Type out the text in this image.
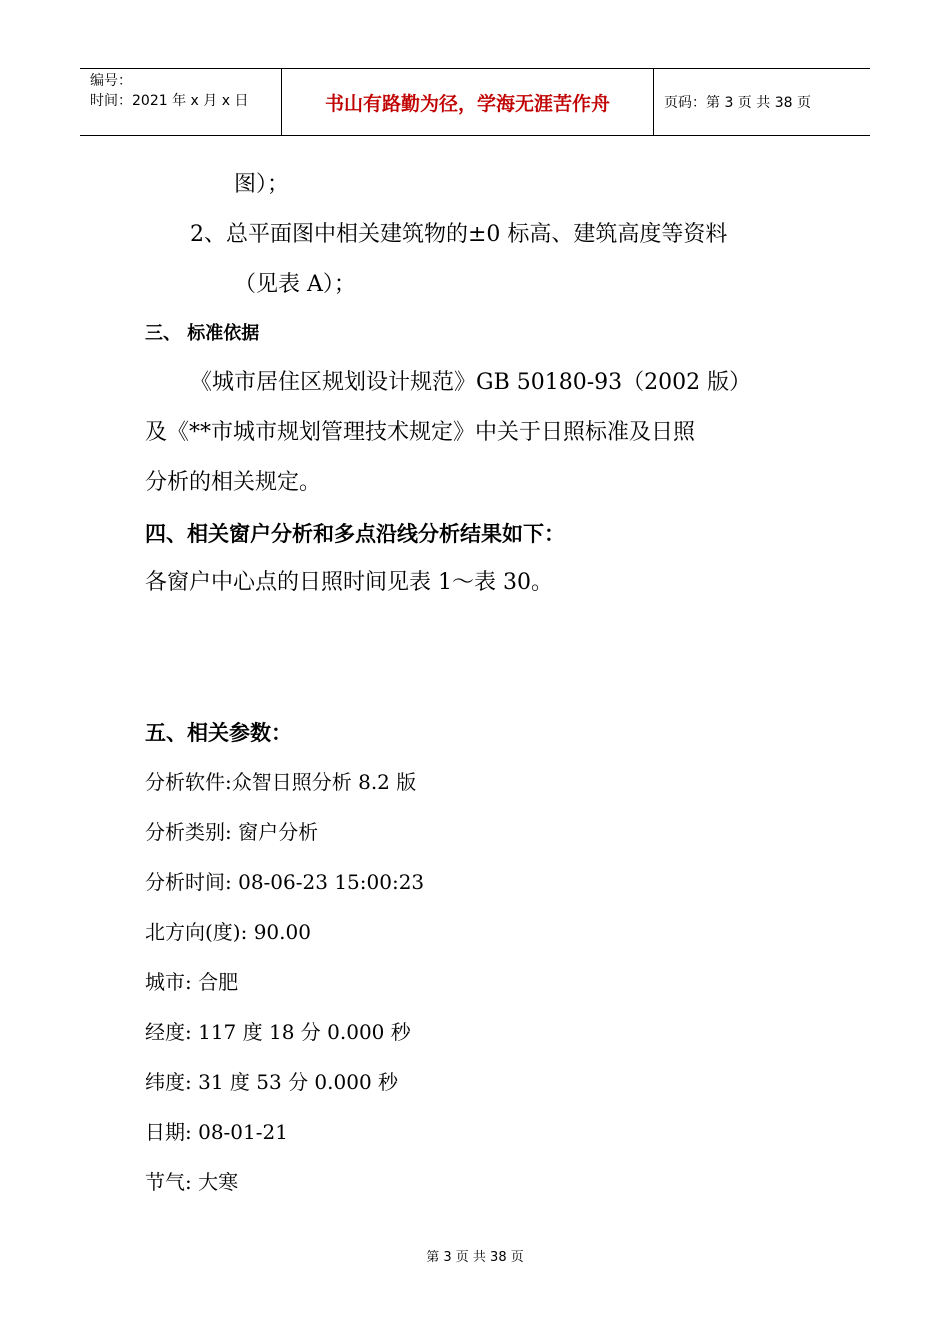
编号：
时间：2021 年 x 月 x 日	书山有路勤为径，学海无涯苦作舟	页码：第 3 页 共 38 页
图）；
2、总平面图中相关建筑物的±0 标高、建筑高度等资料
（见表 A）；
三、 标准依据
《城市居住区规划设计规范》GB 50180-93（2002 版）
及《**市城市规划管理技术规定》中关于日照标准及日照
分析的相关规定。
四、相关窗户分析和多点沿线分析结果如下：
各窗户中心点的日照时间见表 1～表 30。
五、相关参数：
分析软件:众智日照分析 8.2 版
分析类别: 窗户分析
分析时间: 08-06-23 15:00:23
北方向(度): 90.00
城市: 合肥
经度: 117 度 18 分 0.000 秒
纬度: 31 度 53 分 0.000 秒
日期: 08-01-21
节气: 大寒
第 3 页 共 38 页
